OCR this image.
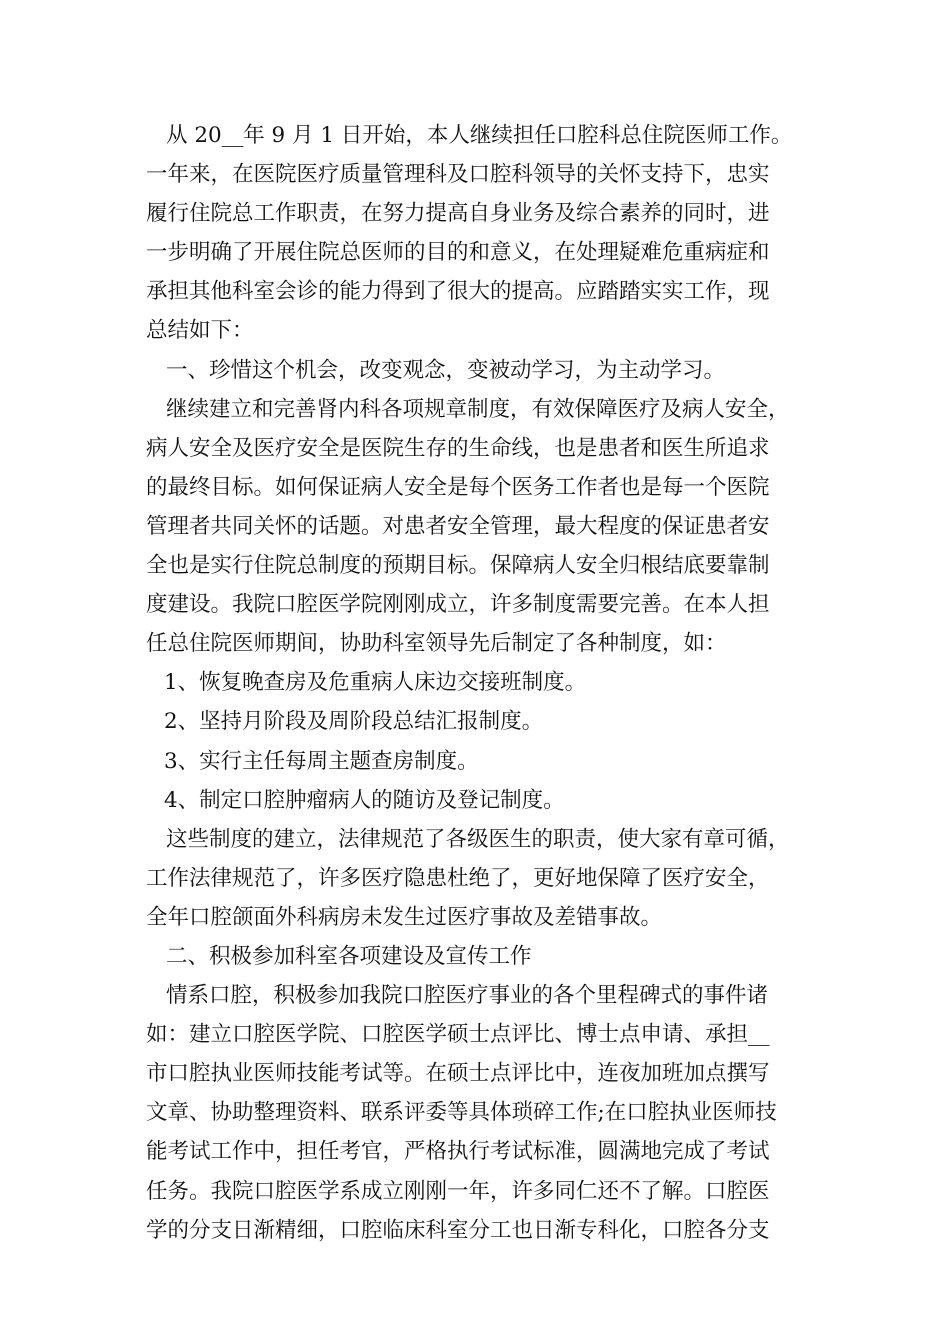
从 20__年 9 月 1 日开始，本人继续担任口腔科总住院医师工作。
一年来，在医院医疗质量管理科及口腔科领导的关怀支持下，忠实
履行住院总工作职责，在努力提高自身业务及综合素养的同时，进
一步明确了开展住院总医师的目的和意义，在处理疑难危重病症和
承担其他科室会诊的能力得到了很大的提高。应踏踏实实工作，现
总结如下：
一、珍惜这个机会，改变观念，变被动学习，为主动学习。
继续建立和完善肾内科各项规章制度，有效保障医疗及病人安全，
病人安全及医疗安全是医院生存的生命线，也是患者和医生所追求
的最终目标。如何保证病人安全是每个医务工作者也是每一个医院
管理者共同关怀的话题。对患者安全管理，最大程度的保证患者安
全也是实行住院总制度的预期目标。保障病人安全归根结底要靠制
度建设。我院口腔医学院刚刚成立，许多制度需要完善。在本人担
任总住院医师期间，协助科室领导先后制定了各种制度，如：
1、恢复晚查房及危重病人床边交接班制度。
2、坚持月阶段及周阶段总结汇报制度。
3、实行主任每周主题查房制度。
4、制定口腔肿瘤病人的随访及登记制度。
这些制度的建立，法律规范了各级医生的职责，使大家有章可循，
工作法律规范了，许多医疗隐患杜绝了，更好地保障了医疗安全，
全年口腔颌面外科病房未发生过医疗事故及差错事故。
二、积极参加科室各项建设及宣传工作
情系口腔，积极参加我院口腔医疗事业的各个里程碑式的事件诸
如：建立口腔医学院、口腔医学硕士点评比、博士点申请、承担__
市口腔执业医师技能考试等。在硕士点评比中，连夜加班加点撰写
文章、协助整理资料、联系评委等具体琐碎工作;在口腔执业医师技
能考试工作中，担任考官，严格执行考试标准，圆满地完成了考试
任务。我院口腔医学系成立刚刚一年，许多同仁还不了解。口腔医
学的分支日渐精细，口腔临床科室分工也日渐专科化，口腔各分支
